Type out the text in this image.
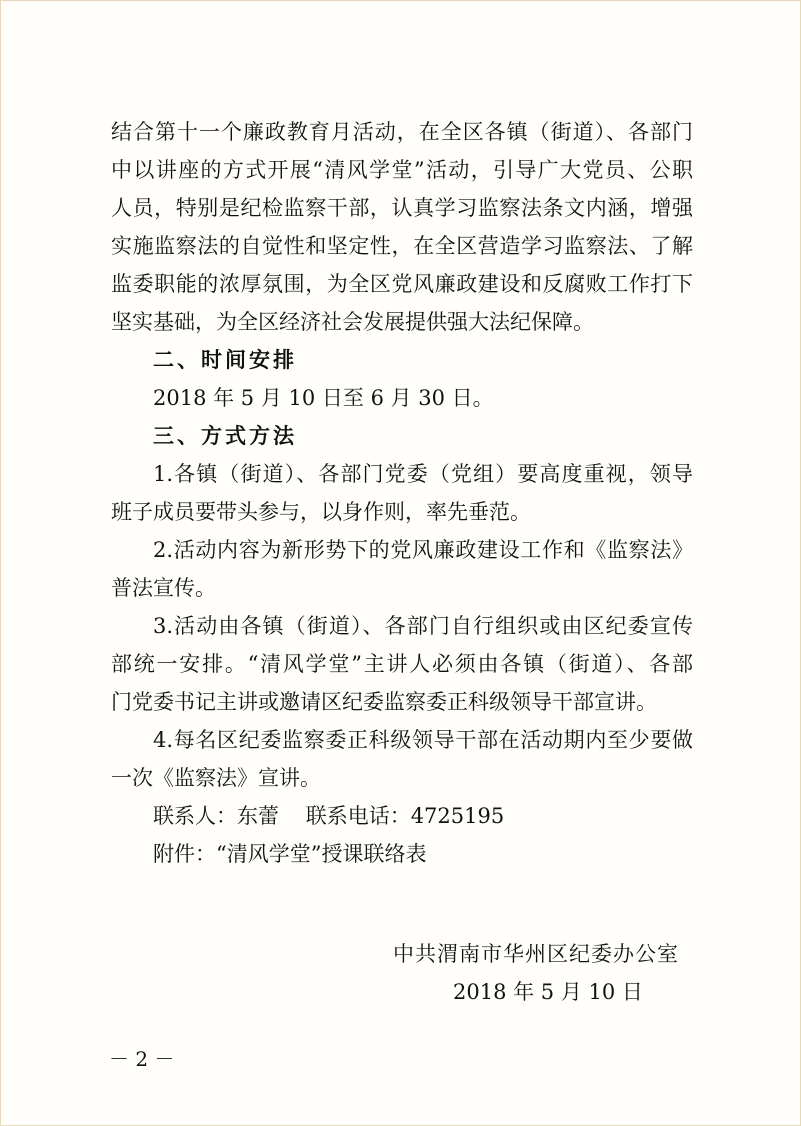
结合第十一个廉政教育月活动，在全区各镇（街道）、各部门
中以讲座的方式开展“清风学堂”活动，引导广大党员、公职
人员，特别是纪检监察干部，认真学习监察法条文内涵，增强
实施监察法的自觉性和坚定性，在全区营造学习监察法、了解
监委职能的浓厚氛围，为全区党风廉政建设和反腐败工作打下
坚实基础，为全区经济社会发展提供强大法纪保障。
二、时间安排
2018 年 5 月 10 日至 6 月 30 日。
三、方式方法
1.各镇（街道）、各部门党委（党组）要高度重视，领导
班子成员要带头参与，以身作则，率先垂范。
2.活动内容为新形势下的党风廉政建设工作和《监察法》
普法宣传。
3.活动由各镇（街道）、各部门自行组织或由区纪委宣传
部统一安排。“清风学堂”主讲人必须由各镇（街道）、各部
门党委书记主讲或邀请区纪委监察委正科级领导干部宣讲。
4.每名区纪委监察委正科级领导干部在活动期内至少要做
一次《监察法》宣讲。
联系人：东蕾    联系电话：4725195
附件：“清风学堂”授课联络表
中共渭南市华州区纪委办公室
2018 年 5 月 10 日
－ 2 －
